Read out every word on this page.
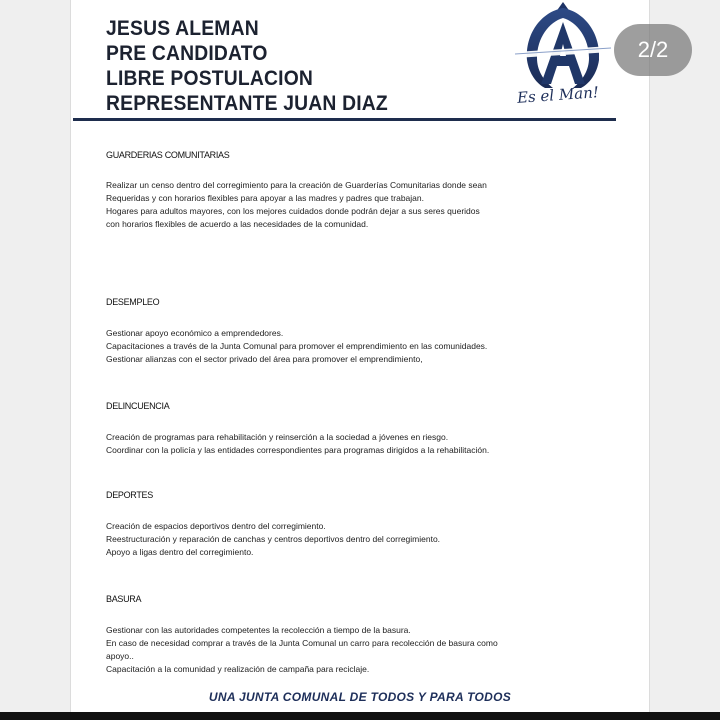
JESUS ALEMAN
PRE CANDIDATO
LIBRE POSTULACION
REPRESENTANTE JUAN DIAZ	Es el Man!
GUARDERIAS COMUNITARIAS
Realizar un censo dentro del corregimiento para la creación de Guarderías Comunitarias donde sean
Requeridas y con horarios flexibles para apoyar a las madres y padres que trabajan.
Hogares para adultos mayores, con los mejores cuidados donde podrán dejar a sus seres queridos
con horarios flexibles de acuerdo a las necesidades de la comunidad.
DESEMPLEO
Gestionar apoyo económico a emprendedores.
Capacitaciones a través de la Junta Comunal para promover el emprendimiento en las comunidades.
Gestionar alianzas con el sector privado del área para promover el emprendimiento,
DELINCUENCIA
Creación de programas para rehabilitación y reinserción a la sociedad a jóvenes en riesgo.
Coordinar con la policía y las entidades correspondientes para programas dirigidos a la rehabilitación.
DEPORTES
Creación de espacios deportivos dentro del corregimiento.
Reestructuración y reparación de canchas y centros deportivos dentro del corregimiento.
Apoyo a ligas dentro del corregimiento.
BASURA
Gestionar con las autoridades competentes la recolección a tiempo de la basura.
En caso de necesidad comprar a través de la Junta Comunal un carro para recolección de basura como
apoyo..
Capacitación a la comunidad y realización de campaña para reciclaje.
UNA JUNTA COMUNAL DE TODOS Y PARA TODOS
2/2
